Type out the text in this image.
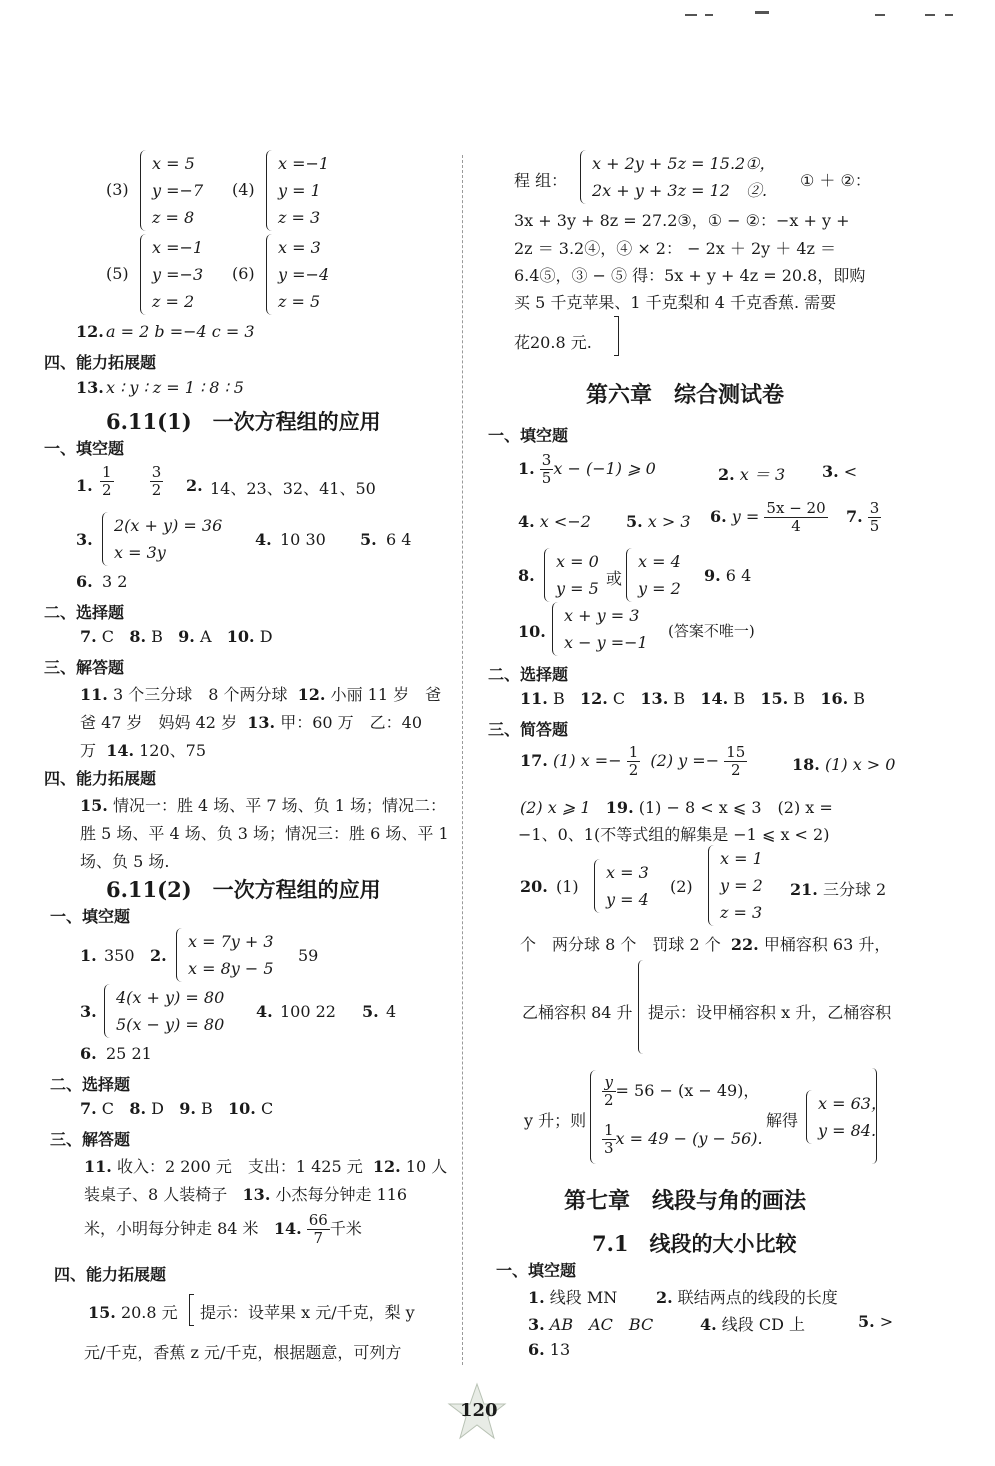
(3)
x = 5
y =−7
z = 8
(4)
x =−1
y = 1
z = 3
(5)
x =−1
y =−3
z = 2
(6)
x = 3
y =−4
z = 5
12. a = 2 b =−4 c = 3
四、能力拓展题
13. x ∶ y ∶ z = 1 ∶ 8 ∶ 5
6.11(1)　一次方程组的应用
一、填空题
1. $\frac{1}{2}$
$\frac{3}{2} 2$. 14、23、32、41、50
3.
2(x + y) = 36
x = 3y
4. 10 30 5. 6 4
6. 3 2
二、选择题
7. C 8. B 9. A 10. D
三、解答题
11. 3 个三分球　8 个两分球 12. 小丽 11 岁　爸
爸 47 岁　妈妈 42 岁 13. 甲：60 万　乙：40
万 14. 120、75
四、能力拓展题
15. 情况一：胜 4 场、平 7 场、负 1 场；情况二：
胜 5 场、平 4 场、负 3 场；情况三：胜 6 场、平 1
场、负 5 场.
6.11(2)　一次方程组的应用
一、填空题
1. 350 2.
x = 7y + 3
x = 8y − 5
59
3.
4(x + y) = 80
5(x − y) = 80
4. 100 22 5. 4
6. 25 21
二、选择题
7. C 8. D 9. B 10. C
三、解答题
11. 收入：2 200 元　支出：1 425 元 12. 10 人
装桌子、8 人装椅子 13. 小杰每分钟走 116
米，小明每分钟走 84 米 14. $\frac{66}{7}$ 千米
四、能力拓展题
15. 20.8 元 提示：设苹果 x 元/千克，梨 y
元/千克，香蕉 z 元/千克，根据题意，可列方
程 组：
x + 2y + 5z = 15.2①，
2x + y + 3z = 12　②.
① ＋ ②：
3x + 3y + 8z = 27.2③，① − ②：−x + y +
2z ＝ 3.2④，④ × 2： − 2x ＋ 2y ＋ 4z ＝
6.4⑤，③ − ⑤ 得：5x + y + 4z = 20.8，即购
买 5 千克苹果、1 千克梨和 4 千克香蕉. 需要
花20.8 元.
第六章　综合测试卷
一、填空题
1. $\frac{3}{5}$ x − (−1) ⩾ 0	2. x ＝ 3 3. <
4. x <−2 5. x > 3 6. $y = \frac{5x - 20}{4} 7$. $\frac{3}{5}$
8.
x = 0
y = 5
或
x = 4
y = 2
9. 6 4
10.
x + y = 3
x − y =−1
(答案不唯一)
二、选择题
11. B 12. C 13. B 14. B 15. B 16. B
三、简答题
17. (1) $x =- \frac{1}{2} (2) y =- \frac{15}{2}$	18. (1) x > 0
(2) x ⩾ 1 19. (1) − 8 < x ⩽ 3　(2) x =
−1、0、1(不等式组的解集是 −1 ⩽ x < 2)
20. (1)
x = 3
y = 4
(2)
x = 1
y = 2
z = 3
21. 三分球 2
个　两分球 8 个　罚球 2 个 22. 甲桶容积 63 升，
乙桶容积 84 升 提示：设甲桶容积 x 升，乙桶容积
y 升；则
$\frac{y}{2} = 56 - (x - 49)$，
$\frac{1}{3}$ x = 49 − (y − 56).
解得
x = 63，
y = 84.
第七章　线段与角的画法
7.1　线段的大小比较
一、填空题
1. 线段 MN 2. 联结两点的线段的长度
3. AB　AC　BC	4. 线段 CD 上	5. >
6. 13
120
